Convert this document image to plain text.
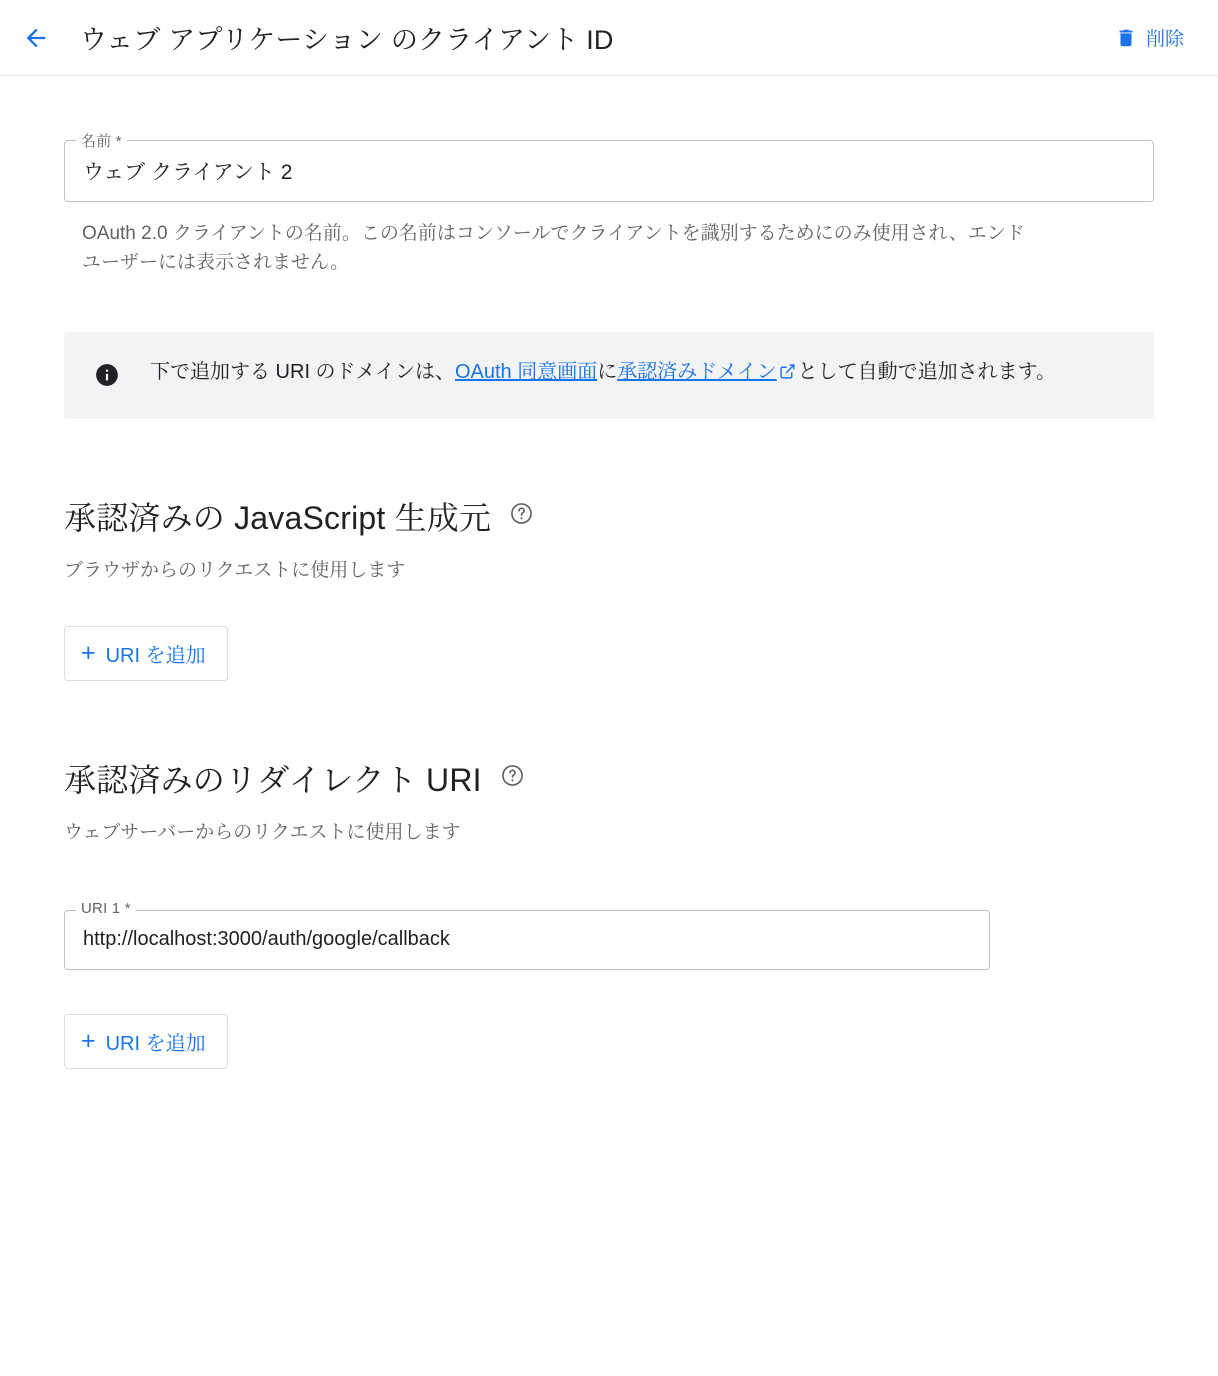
ウェブ アプリケーション のクライアント ID	削除
名前 *
ウェブ クライアント 2
OAuth 2.0 クライアントの名前。この名前はコンソールでクライアントを識別するためにのみ使用され、エンドユーザーには表示されません。
下で追加する URI のドメインは、OAuth 同意画面に承認済みドメイン として自動で追加されます。
承認済みの JavaScript 生成元
ブラウザからのリクエストに使用します
+ URI を追加
承認済みのリダイレクト URI
ウェブサーバーからのリクエストに使用します
URI 1 *
http://localhost:3000/auth/google/callback
+ URI を追加
